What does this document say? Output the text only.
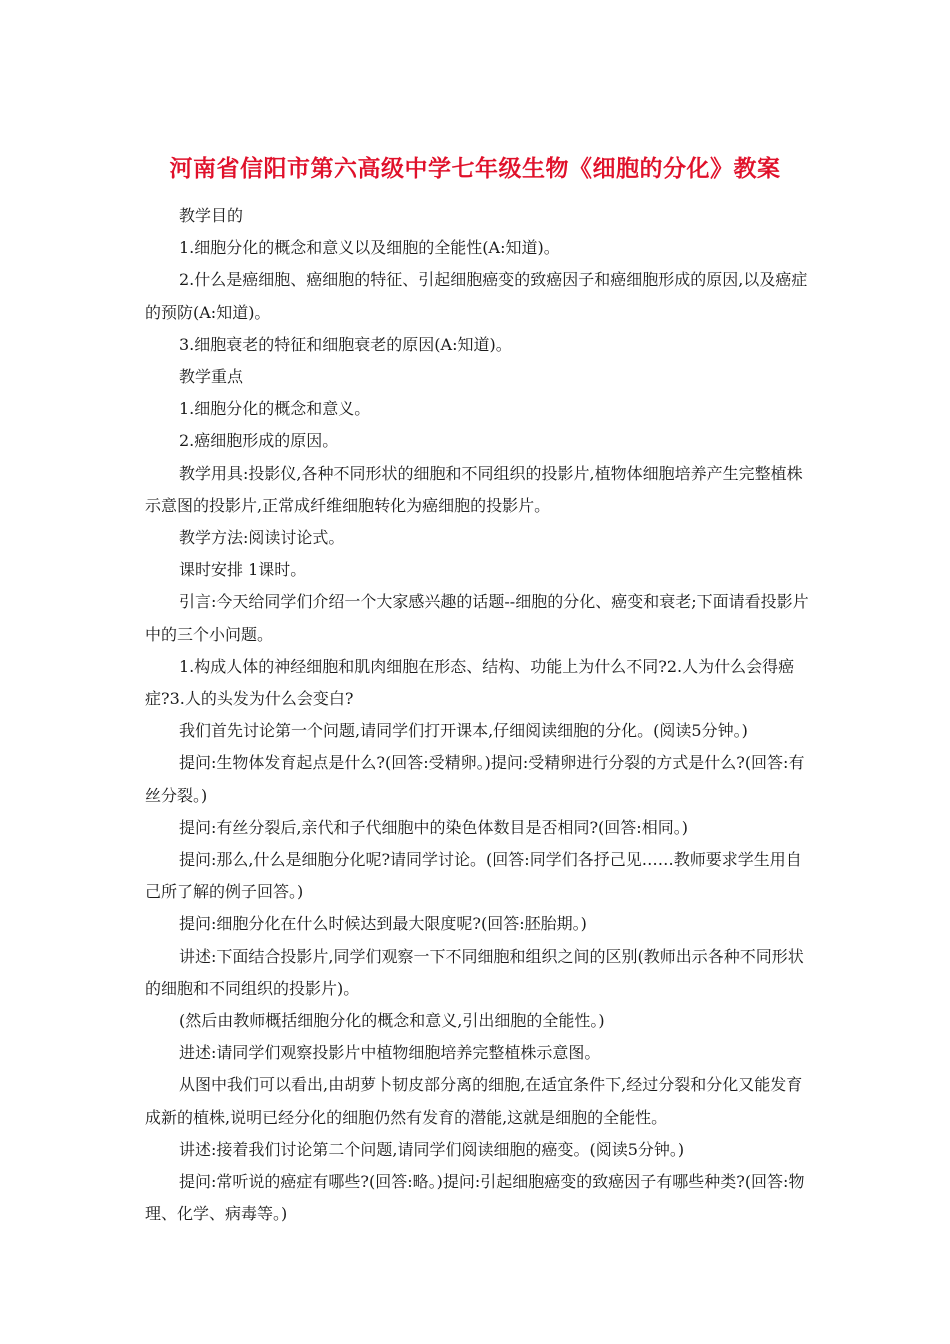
河南省信阳市第六高级中学七年级生物《细胞的分化》教案

教学目的

1.细胞分化的概念和意义以及细胞的全能性(A:知道)。

2.什么是癌细胞、癌细胞的特征、引起细胞癌变的致癌因子和癌细胞形成的原因,以及癌症的预防(A:知道)。

3.细胞衰老的特征和细胞衰老的原因(A:知道)。

教学重点

1.细胞分化的概念和意义。

2.癌细胞形成的原因。

教学用具:投影仪,各种不同形状的细胞和不同组织的投影片,植物体细胞培养产生完整植株示意图的投影片,正常成纤维细胞转化为癌细胞的投影片。

教学方法:阅读讨论式。

课时安排 1课时。

引言:今天给同学们介绍一个大家感兴趣的话题--细胞的分化、癌变和衰老;下面请看投影片中的三个小问题。

1.构成人体的神经细胞和肌肉细胞在形态、结构、功能上为什么不同?2.人为什么会得癌症?3.人的头发为什么会变白?

我们首先讨论第一个问题,请同学们打开课本,仔细阅读细胞的分化。(阅读5分钟。)

提问:生物体发育起点是什么?(回答:受精卵。)提问:受精卵进行分裂的方式是什么?(回答:有丝分裂。)

提问:有丝分裂后,亲代和子代细胞中的染色体数目是否相同?(回答:相同。)

提问:那么,什么是细胞分化呢?请同学讨论。(回答:同学们各抒己见……教师要求学生用自己所了解的例子回答。)

提问:细胞分化在什么时候达到最大限度呢?(回答:胚胎期。)

讲述:下面结合投影片,同学们观察一下不同细胞和组织之间的区别(教师出示各种不同形状的细胞和不同组织的投影片)。

(然后由教师概括细胞分化的概念和意义,引出细胞的全能性。)

进述:请同学们观察投影片中植物细胞培养完整植株示意图。

从图中我们可以看出,由胡萝卜韧皮部分离的细胞,在适宜条件下,经过分裂和分化又能发育成新的植株,说明已经分化的细胞仍然有发育的潜能,这就是细胞的全能性。

讲述:接着我们讨论第二个问题,请同学们阅读细胞的癌变。(阅读5分钟。)

提问:常听说的癌症有哪些?(回答:略。)提问:引起细胞癌变的致癌因子有哪些种类?(回答:物理、化学、病毒等。)
